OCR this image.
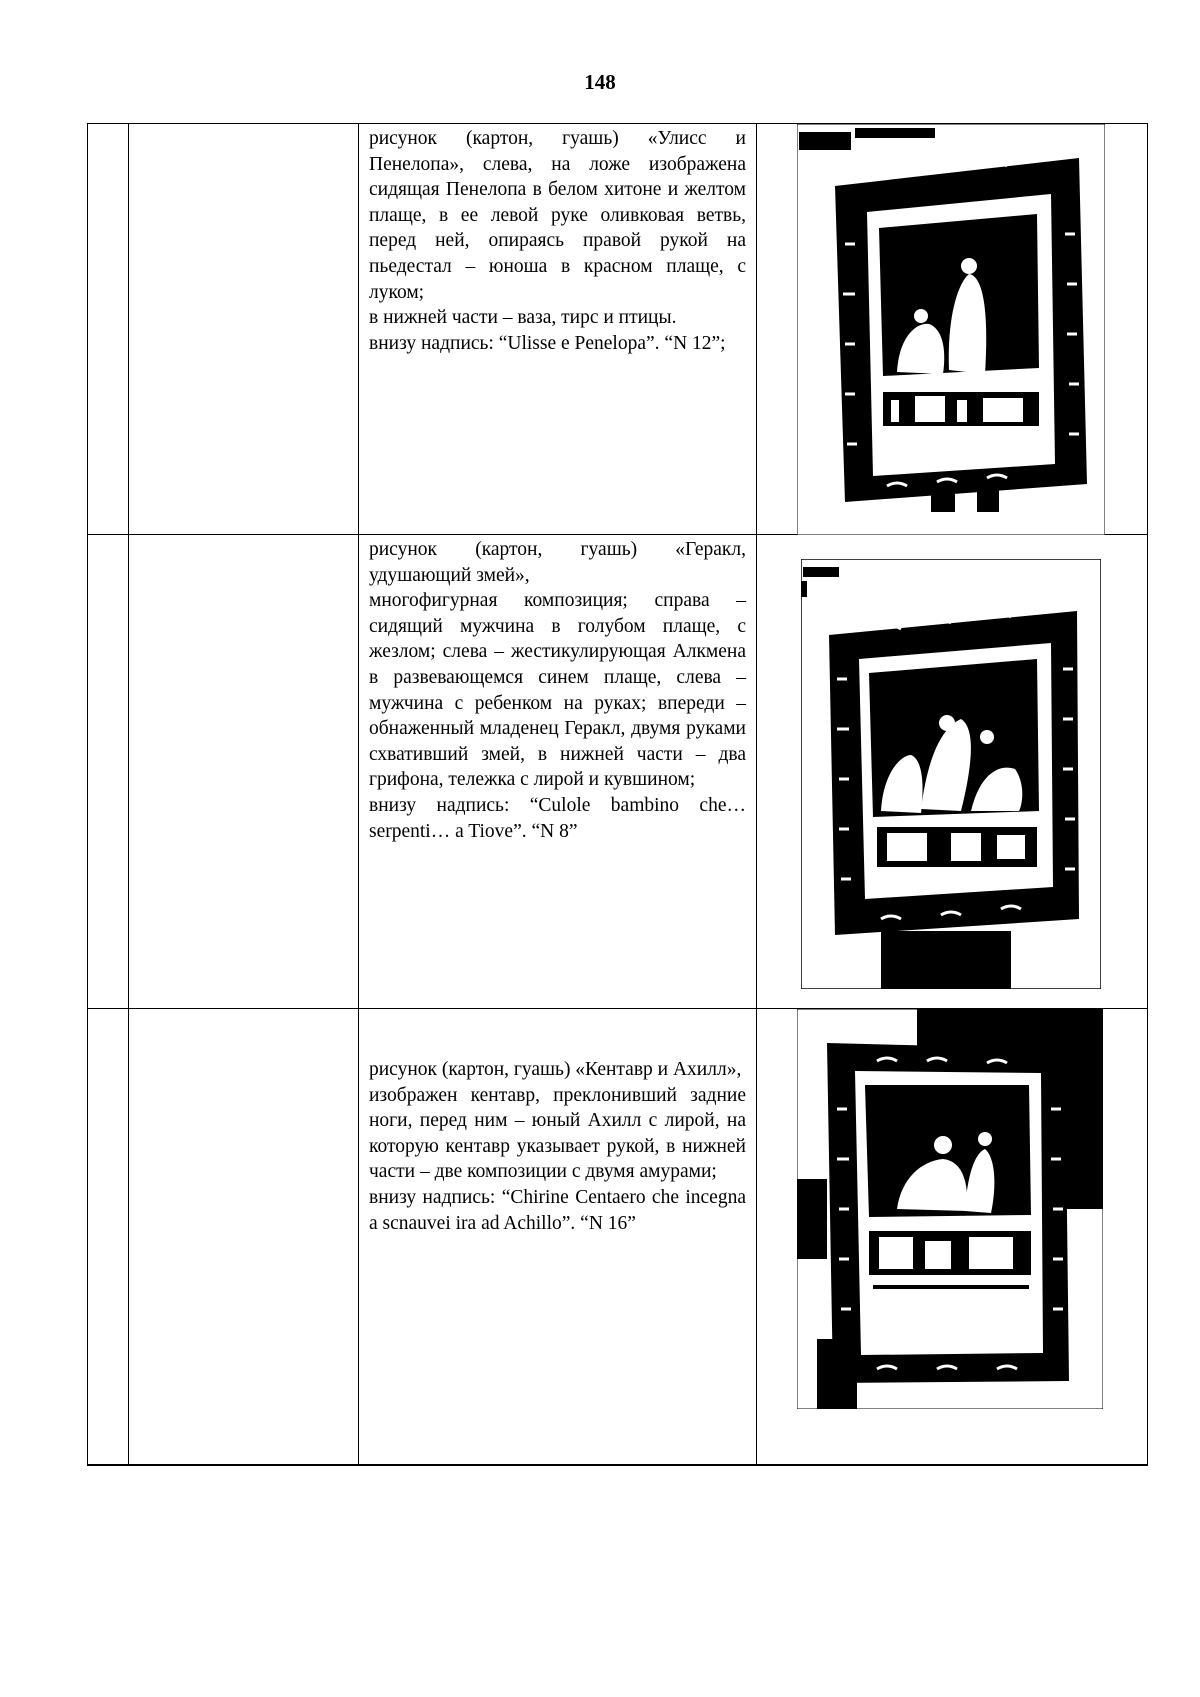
148

		рисунок (картон, гуашь) «Улисс и Пенелопа», слева, на ложе изображена сидящая Пенелопа в белом хитоне и желтом плаще, в ее левой руке оливковая ветвь, перед ней, опираясь правой рукой на пьедестал – юноша в красном плаще, с луком;
в нижней части – ваза, тирс и птицы.
внизу надпись: “Ulisse e Penelopa”. “N 12”;

		рисунок (картон, гуашь) «Геракл, удушающий змей»,
многофигурная композиция; справа – сидящий мужчина в голубом плаще, с жезлом; слева – жестикулирующая Алкмена в развевающемся синем плаще, слева – мужчина с ребенком на руках; впереди – обнаженный младенец Геракл, двумя руками схвативший змей, в нижней части – два грифона, тележка с лирой и кувшином;
внизу надпись: “Culole bambino che…serpenti… a Tiove”. “N 8”

		рисунок (картон, гуашь) «Кентавр и Ахилл»,
изображен кентавр, преклонивший задние ноги, перед ним – юный Ахилл с лирой, на которую кентавр указывает рукой, в нижней части – две композиции с двумя амурами;
внизу надпись: “Chirine Centaero che incegna a scnauvei ira ad Achillo”. “N 16”
